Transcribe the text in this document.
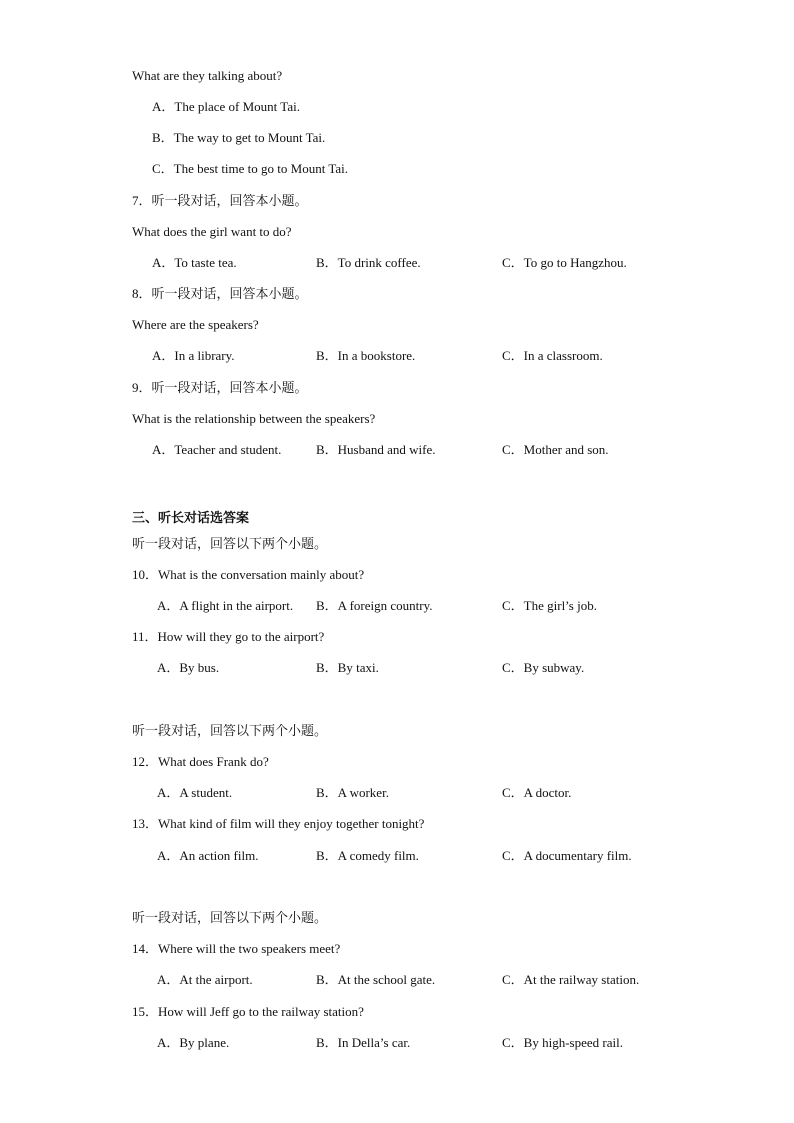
What are they talking about?
A．The place of Mount Tai.
B．The way to get to Mount Tai.
C．The best time to go to Mount Tai.
7．听一段对话，回答本小题。
What does the girl want to do?
A．To taste tea.	B．To drink coffee.	C．To go to Hangzhou.
8．听一段对话，回答本小题。
Where are the speakers?
A．In a library.	B．In a bookstore.	C．In a classroom.
9．听一段对话，回答本小题。
What is the relationship between the speakers?
A．Teacher and student.	B．Husband and wife.	C．Mother and son.
三、听长对话选答案
听一段对话，回答以下两个小题。
10．What is the conversation mainly about?
A．A flight in the airport. B．A foreign country.	C．The girl’s job.
11．How will they go to the airport?
A．By bus.	B．By taxi.	C．By subway.
听一段对话，回答以下两个小题。
12．What does Frank do?
A．A student.	B．A worker.	C．A doctor.
13．What kind of film will they enjoy together tonight?
A．An action film.	B．A comedy film.	C．A documentary film.
听一段对话，回答以下两个小题。
14．Where will the two speakers meet?
A．At the airport.	B．At the school gate.	C．At the railway station.
15．How will Jeff go to the railway station?
A．By plane.	B．In Della’s car.	C．By high-speed rail.
